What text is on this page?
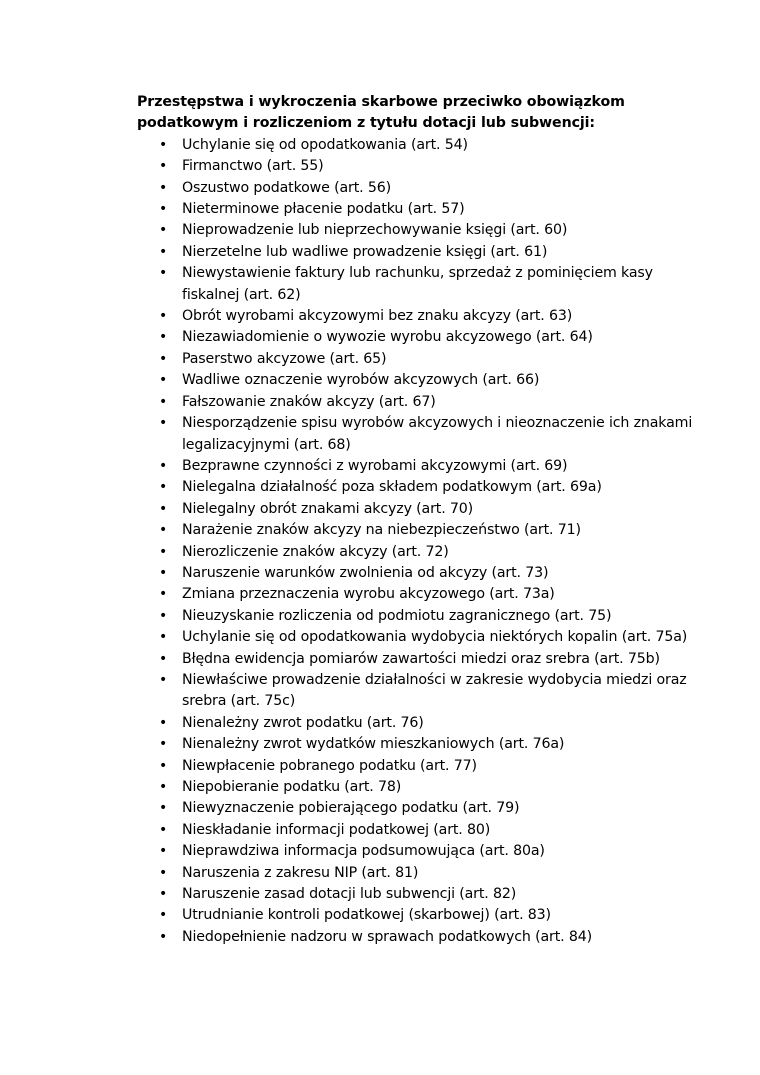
Przestępstwa i wykroczenia skarbowe przeciwko obowiązkom podatkowym i rozliczeniom z tytułu dotacji lub subwencji:

• Uchylanie się od opodatkowania (art. 54)
• Firmanctwo (art. 55)
• Oszustwo podatkowe (art. 56)
• Nieterminowe płacenie podatku (art. 57)
• Nieprowadzenie lub nieprzechowywanie księgi (art. 60)
• Nierzetelne lub wadliwe prowadzenie księgi (art. 61)
• Niewystawienie faktury lub rachunku, sprzedaż z pominięciem kasy fiskalnej (art. 62)
• Obrót wyrobami akcyzowymi bez znaku akcyzy (art. 63)
• Niezawiadomienie o wywozie wyrobu akcyzowego (art. 64)
• Paserstwo akcyzowe (art. 65)
• Wadliwe oznaczenie wyrobów akcyzowych (art. 66)
• Fałszowanie znaków akcyzy (art. 67)
• Niesporządzenie spisu wyrobów akcyzowych i nieoznaczenie ich znakami legalizacyjnymi (art. 68)
• Bezprawne czynności z wyrobami akcyzowymi (art. 69)
• Nielegalna działalność poza składem podatkowym (art. 69a)
• Nielegalny obrót znakami akcyzy (art. 70)
• Narażenie znaków akcyzy na niebezpieczeństwo (art. 71)
• Nierozliczenie znaków akcyzy (art. 72)
• Naruszenie warunków zwolnienia od akcyzy (art. 73)
• Zmiana przeznaczenia wyrobu akcyzowego (art. 73a)
• Nieuzyskanie rozliczenia od podmiotu zagranicznego (art. 75)
• Uchylanie się od opodatkowania wydobycia niektórych kopalin (art. 75a)
• Błędna ewidencja pomiarów zawartości miedzi oraz srebra (art. 75b)
• Niewłaściwe prowadzenie działalności w zakresie wydobycia miedzi oraz srebra (art. 75c)
• Nienależny zwrot podatku (art. 76)
• Nienależny zwrot wydatków mieszkaniowych (art. 76a)
• Niewpłacenie pobranego podatku (art. 77)
• Niepobieranie podatku (art. 78)
• Niewyznaczenie pobierającego podatku (art. 79)
• Nieskładanie informacji podatkowej (art. 80)
• Nieprawdziwa informacja podsumowująca (art. 80a)
• Naruszenia z zakresu NIP (art. 81)
• Naruszenie zasad dotacji lub subwencji (art. 82)
• Utrudnianie kontroli podatkowej (skarbowej) (art. 83)
• Niedopełnienie nadzoru w sprawach podatkowych (art. 84)
